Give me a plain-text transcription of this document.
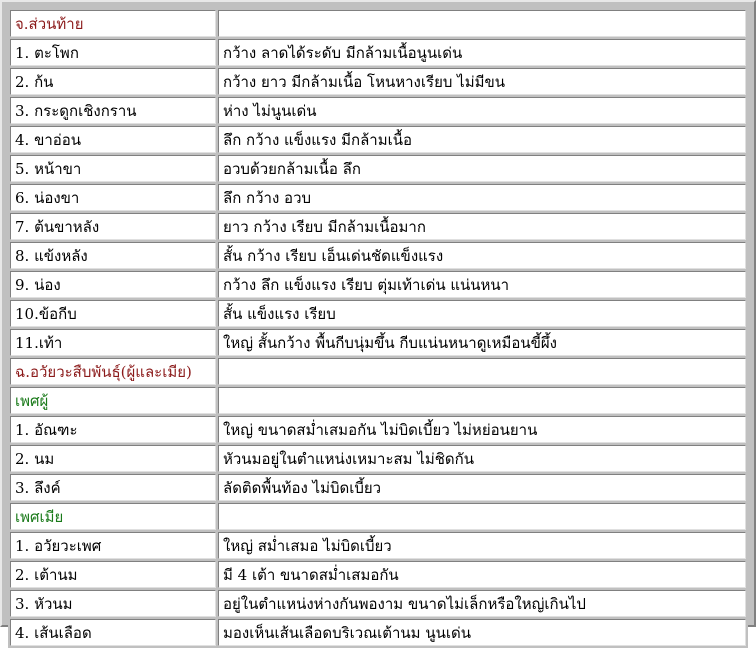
จ.ส่วนท้าย	
1. ตะโพก	กว้าง ลาดได้ระดับ มีกล้ามเนื้อนูนเด่น
2. ก้น	กว้าง ยาว มีกล้ามเนื้อ โหนหางเรียบ ไม่มีขน
3. กระดูกเชิงกราน	ห่าง ไม่นูนเด่น
4. ขาอ่อน	ลึก กว้าง แข็งแรง มีกล้ามเนื้อ
5. หน้าขา	อวบด้วยกล้ามเนื้อ ลึก
6. น่องขา	ลึก กว้าง อวบ
7. ต้นขาหลัง	ยาว กว้าง เรียบ มีกล้ามเนื้อมาก
8. แข้งหลัง	สั้น กว้าง เรียบ เอ็นเด่นชัดแข็งแรง
9. น่อง	กว้าง ลึก แข็งแรง เรียบ ตุ่มเท้าเด่น แน่นหนา
10.ข้อกีบ	สั้น แข็งแรง เรียบ
11.เท้า	ใหญ่ สั้นกว้าง พื้นกีบนุ่มขึ้น กีบแน่นหนาดูเหมือนขี้ผึ้ง
ฉ.อวัยวะสืบพันธุ์(ผู้และเมีย)	
เพศผู้	
1. อัณฑะ	ใหญ่ ขนาดสม่ำเสมอกัน ไม่บิดเบี้ยว ไม่หย่อนยาน
2. นม	หัวนมอยู่ในตำแหน่งเหมาะสม ไม่ชิดกัน
3. ลึงค์	ลัดติดพื้นท้อง ไม่บิดเบี้ยว
เพศเมีย	
1. อวัยวะเพศ	ใหญ่ สม่ำเสมอ ไม่บิดเบี้ยว
2. เต้านม	มี 4 เต้า ขนาดสม่ำเสมอกัน
3. หัวนม	อยู่ในตำแหน่งห่างกันพองาม ขนาดไม่เล็กหรือใหญ่เกินไป
4. เส้นเลือด	มองเห็นเส้นเลือดบริเวณเต้านม นูนเด่น
